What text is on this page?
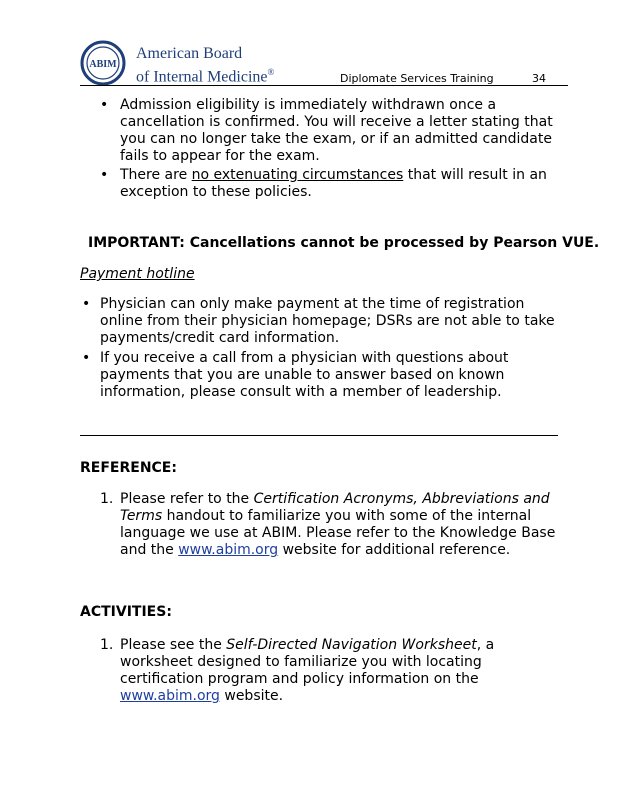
ABIM
American Board
of Internal Medicine®	Diplomate Services Training	34
• Admission eligibility is immediately withdrawn once a
cancellation is confirmed. You will receive a letter stating that
you can no longer take the exam, or if an admitted candidate
fails to appear for the exam.
• There are no extenuating circumstances that will result in an
exception to these policies.
IMPORTANT: Cancellations cannot be processed by Pearson VUE.
Payment hotline
• Physician can only make payment at the time of registration
online from their physician homepage; DSRs are not able to take
payments/credit card information.
• If you receive a call from a physician with questions about
payments that you are unable to answer based on known
information, please consult with a member of leadership.
REFERENCE:
1. Please refer to the Certification Acronyms, Abbreviations and
Terms handout to familiarize you with some of the internal
language we use at ABIM. Please refer to the Knowledge Base
and the www.abim.org website for additional reference.
ACTIVITIES:
1. Please see the Self-Directed Navigation Worksheet, a
worksheet designed to familiarize you with locating
certification program and policy information on the
www.abim.org website.
